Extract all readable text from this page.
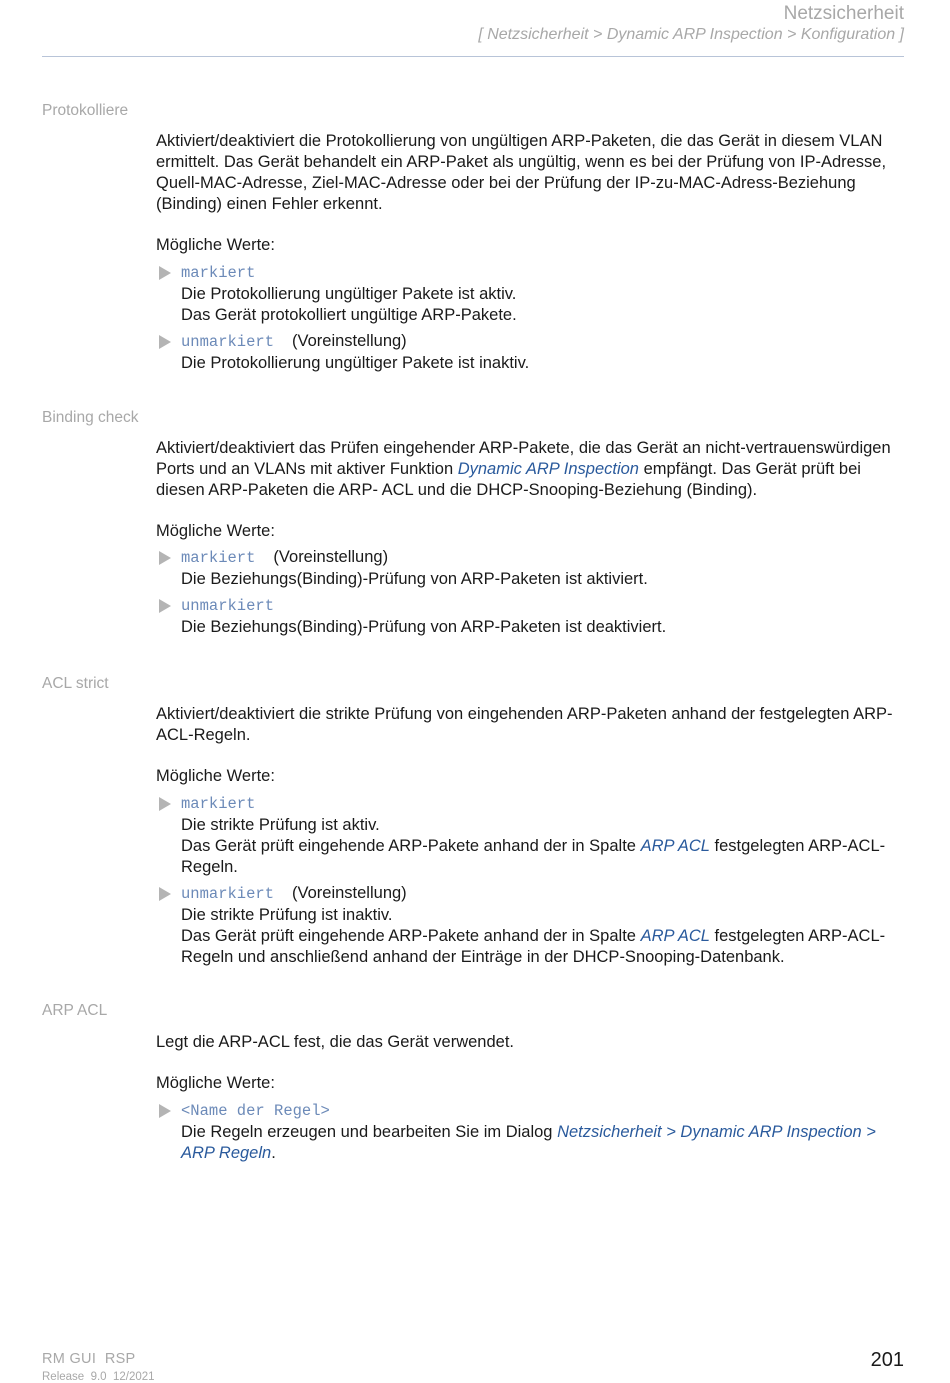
Netzsicherheit
[ Netzsicherheit > Dynamic ARP Inspection > Konfiguration ]
Protokolliere

Aktiviert/deaktiviert die Protokollierung von ungültigen ARP-Paketen, die das Gerät in diesem VLAN ermittelt. Das Gerät behandelt ein ARP-Paket als ungültig, wenn es bei der Prüfung von IP-Adresse, Quell-MAC-Adresse, Ziel-MAC-Adresse oder bei der Prüfung der IP-zu-MAC-Adress-Beziehung (Binding) einen Fehler erkennt.

Mögliche Werte:

markiert
Die Protokollierung ungültiger Pakete ist aktiv.
Das Gerät protokolliert ungültige ARP-Pakete.
unmarkiert (Voreinstellung)
Die Protokollierung ungültiger Pakete ist inaktiv.
Binding check

Aktiviert/deaktiviert das Prüfen eingehender ARP-Pakete, die das Gerät an nicht-vertrauenswürdigen Ports und an VLANs mit aktiver Funktion Dynamic ARP Inspection empfängt. Das Gerät prüft bei diesen ARP-Paketen die ARP- ACL und die DHCP-Snooping-Beziehung (Binding).

Mögliche Werte:

markiert (Voreinstellung)
Die Beziehungs(Binding)-Prüfung von ARP-Paketen ist aktiviert.
unmarkiert
Die Beziehungs(Binding)-Prüfung von ARP-Paketen ist deaktiviert.
ACL strict

Aktiviert/deaktiviert die strikte Prüfung von eingehenden ARP-Paketen anhand der festgelegten ARP-ACL-Regeln.

Mögliche Werte:

markiert
Die strikte Prüfung ist aktiv.
Das Gerät prüft eingehende ARP-Pakete anhand der in Spalte ARP ACL festgelegten ARP-ACL-Regeln.
unmarkiert (Voreinstellung)
Die strikte Prüfung ist inaktiv.
Das Gerät prüft eingehende ARP-Pakete anhand der in Spalte ARP ACL festgelegten ARP-ACL-Regeln und anschließend anhand der Einträge in der DHCP-Snooping-Datenbank.
ARP ACL

Legt die ARP-ACL fest, die das Gerät verwendet.

Mögliche Werte:

<Name der Regel>
Die Regeln erzeugen und bearbeiten Sie im Dialog Netzsicherheit > Dynamic ARP Inspection > ARP Regeln.
RM GUI  RSP
Release  9.0  12/2021
201
